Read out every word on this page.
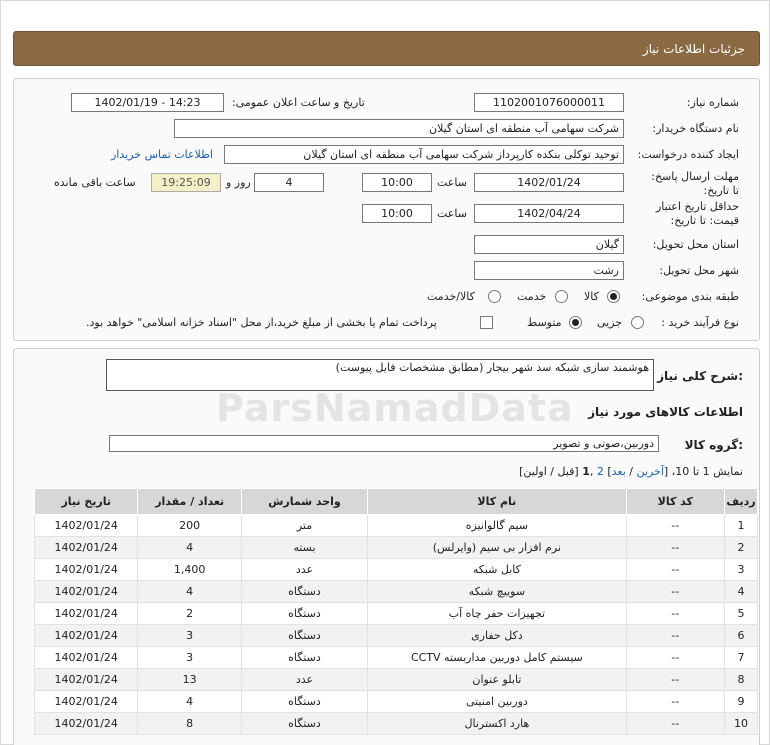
جزئیات اطلاعات نیاز
شماره نیاز:
1102001076000011
تاریخ و ساعت اعلان عمومی:
1402/01/19 - 14:23
نام دستگاه خریدار:
شرکت سهامی آب منطقه ای استان گیلان
ایجاد کننده درخواست:
توحید توکلی بنکده کارپرداز شرکت سهامی آب منطقه ای استان گیلان
اطلاعات تماس خریدار
مهلت ارسال پاسخ: تا تاریخ:
1402/01/24
ساعت
10:00
4
روز و
19:25:09
ساعت باقی مانده
حداقل تاریخ اعتبار قیمت: تا تاریخ:
1402/04/24
ساعت
10:00
استان محل تحویل:
گیلان
شهر محل تحویل:
رشت
طبقه بندی موضوعی:
کالا
خدمت
کالا/خدمت
نوع فرآیند خرید :
جزیی
متوسط
پرداخت تمام یا بخشی از مبلغ خرید،از محل "اسناد خزانه اسلامی" خواهد بود.
شرح کلی نیاز:
هوشمند سازی شبکه سد شهر بیجار (مطابق مشخصات فایل پیوست)
اطلاعات کالاهای مورد نیاز
گروه کالا:
دوربین،صوتی و تصویر
نمایش 1 تا 10، [آخرین / بعد] 2 ,1 [قبل / اولین]
ردیف	کد کالا	نام کالا	واحد شمارش	تعداد / مقدار	تاریخ نیاز
1	--	سیم گالوانیزه	متر	200	1402/01/24
2	--	نرم افزار بی سیم (وایرلس)	بسته	4	1402/01/24
3	--	کابل شبکه	عدد	1,400	1402/01/24
4	--	سوییچ شبکه	دستگاه	4	1402/01/24
5	--	تجهیزات حفر چاه آب	دستگاه	2	1402/01/24
6	--	دکل حفاری	دستگاه	3	1402/01/24
7	--	سیستم کامل دوربین مداربسته CCTV	دستگاه	3	1402/01/24
8	--	تابلو عنوان	عدد	13	1402/01/24
9	--	دوربین امنیتی	دستگاه	4	1402/01/24
10	--	هارد اکسترنال	دستگاه	8	1402/01/24
ParsNamadData
